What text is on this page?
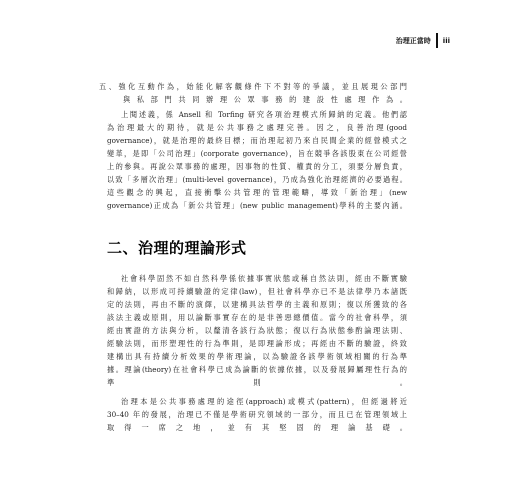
治理正當時 iii
五、強化互動作為，始能化解客觀條件下不對等的爭議，並且展現公部門
與私部門共同辦理公眾事務的建設性處理作為。
上閱述義，係 Ansell 和 Torfing 研究各項治理模式所歸納的定義。他們認
為治理最大的期待，就是公共事務之處理完善。因之，良善治理(good
governance)，就是治理的最終目標；而治理起初乃來自民間企業的經營模式之
變革，是即「公司治理」(corporate governance)，旨在競爭各該股東在公司經營
上的參與。再說公眾事務的處理，因事物的性質、權責的分工，須要分層負責，
以致「多層次治理」(multi-level governance)，乃成為強化治理經濟的必要過程。
這些觀念的興起，直接衝擊公共管理的管理範疇，導致「新治理」(new
governance)正成為「新公共管理」(new public management)學科的主要內涵。
二、治理的理論形式
社會科學固然不如自然科學係依據事實狀態或稱自然法則，經由不斷實驗
和歸納，以形成可持續驗證的定律(law)，但社會科學亦已不是法律學乃本諸既
定的法則，再由不斷的演繹，以建構具法哲學的主義和原則；復以所獲致的各
該法主義或原則，用以論斷事實存在的是非善惡總價值。當今的社會科學，須
經由實證的方法與分析，以釐清各該行為狀態；復以行為狀態參酌論理法則、
經驗法則，而形塑理性的行為準則，是即理論形成；再經由不斷的驗證，終致
建構出具有持續分析效果的學術理論，以為驗證各該學術領域相關的行為準
據。理論(theory)在社會科學已成為論斷的依據依據，以及發展歸屬理性行為的
準則。
治理本是公共事務處理的途徑(approach)或模式(pattern)，但經過將近
30–40 年的發展，治理已不僅是學術研究領域的一部分，而且已在管理領域上
取得一席之地，並有其堅固的理論基礎。
